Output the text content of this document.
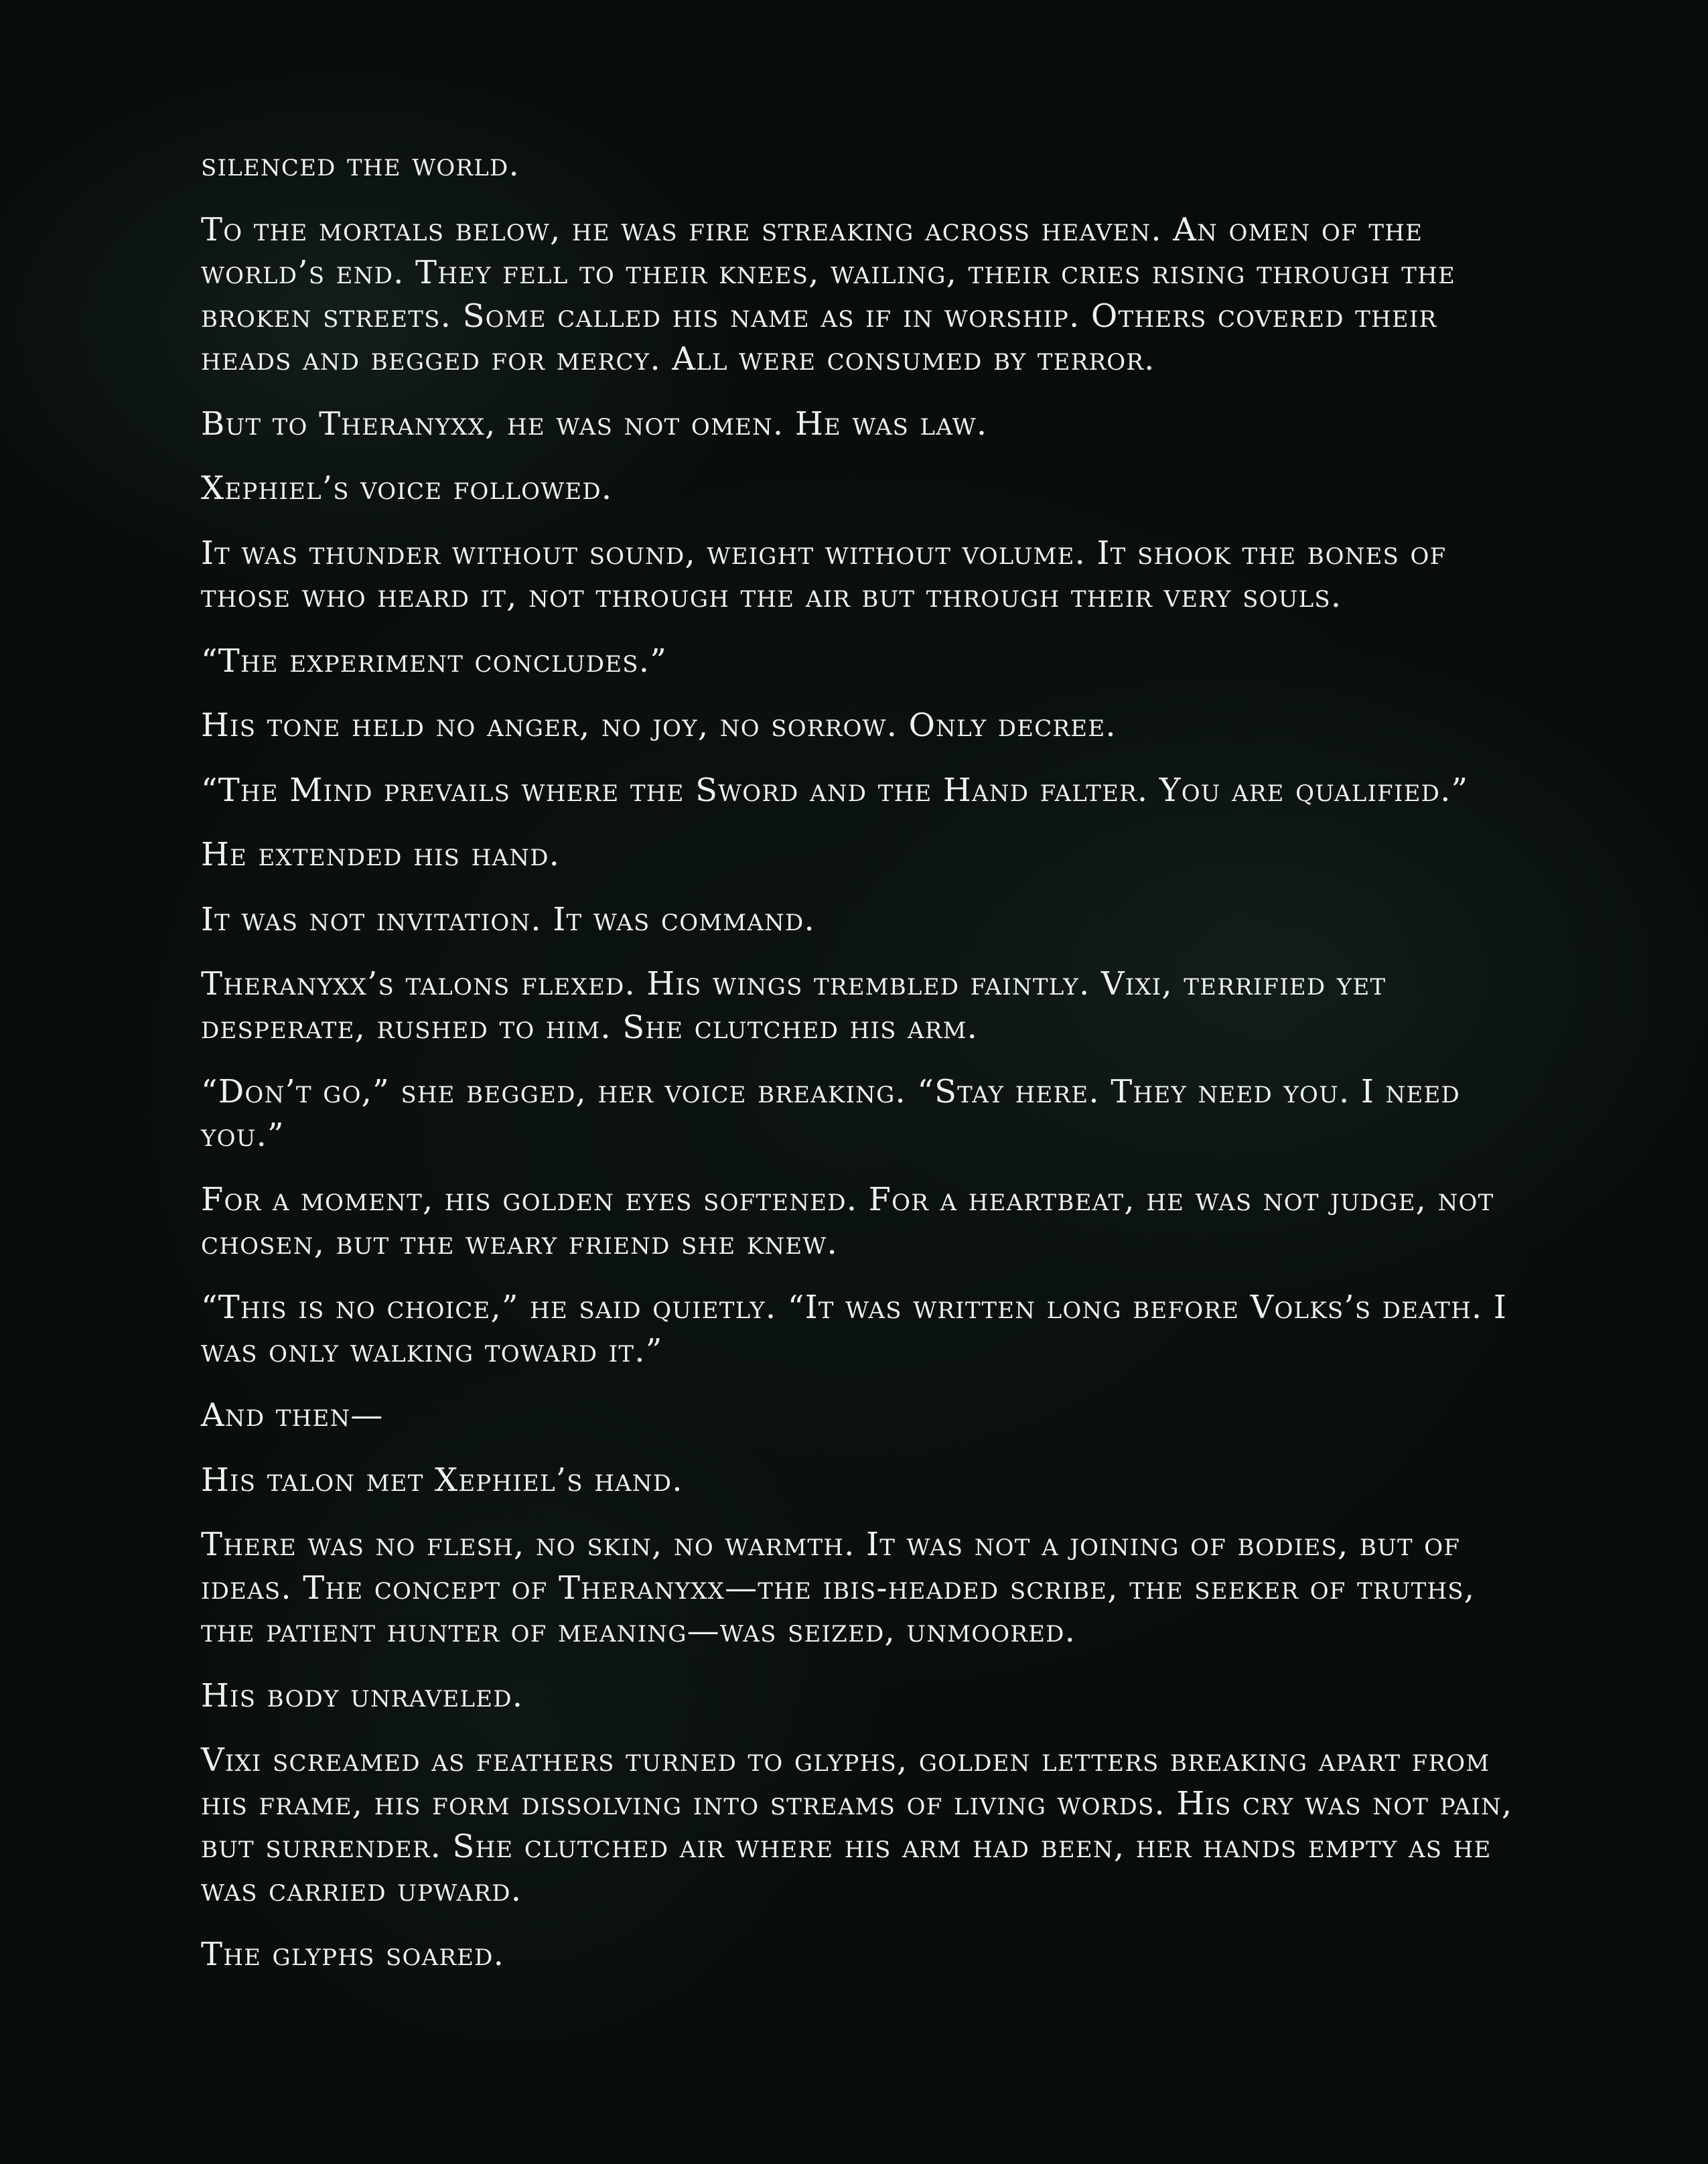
silenced the world.

To the mortals below, he was fire streaking across heaven. An omen of the world’s end. They fell to their knees, wailing, their cries rising through the broken streets. Some called his name as if in worship. Others covered their heads and begged for mercy. All were consumed by terror.

But to Theranyxx, he was not omen. He was law.

Xephiel’s voice followed.

It was thunder without sound, weight without volume. It shook the bones of those who heard it, not through the air but through their very souls.

“The experiment concludes.”

His tone held no anger, no joy, no sorrow. Only decree.

“The Mind prevails where the Sword and the Hand falter. You are qualified.”

He extended his hand.

It was not invitation. It was command.

Theranyxx’s talons flexed. His wings trembled faintly. Vixi, terrified yet desperate, rushed to him. She clutched his arm.

“Don’t go,” she begged, her voice breaking. “Stay here. They need you. I need you.”

For a moment, his golden eyes softened. For a heartbeat, he was not judge, not chosen, but the weary friend she knew.

“This is no choice,” he said quietly. “It was written long before Volks’s death. I was only walking toward it.”

And then—

His talon met Xephiel’s hand.

There was no flesh, no skin, no warmth. It was not a joining of bodies, but of ideas. The concept of Theranyxx—the ibis-headed scribe, the seeker of truths, the patient hunter of meaning—was seized, unmoored.

His body unraveled.

Vixi screamed as feathers turned to glyphs, golden letters breaking apart from his frame, his form dissolving into streams of living words. His cry was not pain, but surrender. She clutched air where his arm had been, her hands empty as he was carried upward.

The glyphs soared.
